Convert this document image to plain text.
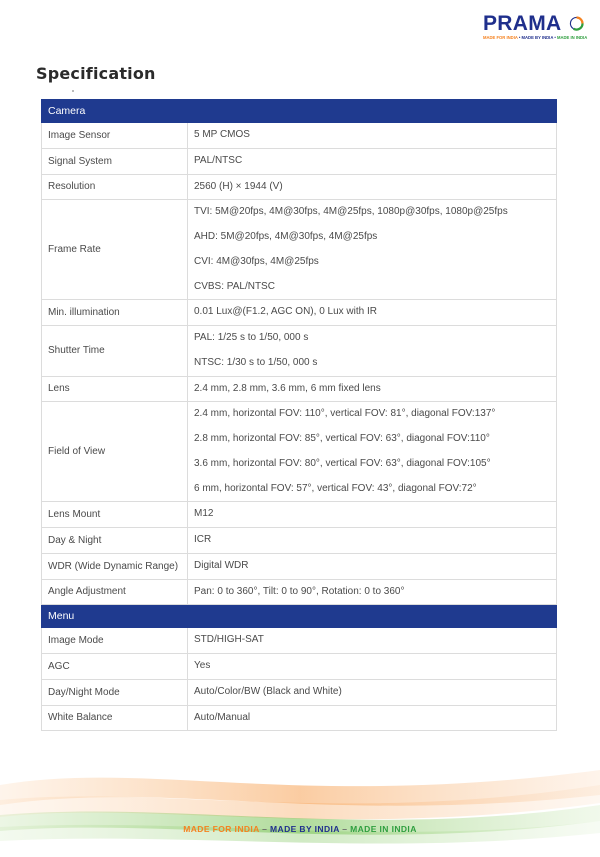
PRAMA
MADE FOR INDIA • MADE BY INDIA • MADE IN INDIA
Specification
Camera	
Image Sensor	5 MP CMOS

Signal System	PAL/NTSC

Resolution	2560 (H) × 1944 (V)

Frame Rate	TVI: 5M@20fps, 4M@30fps, 4M@25fps, 1080p@30fps, 1080p@25fps
AHD: 5M@20fps, 4M@30fps, 4M@25fps
CVI: 4M@30fps, 4M@25fps
CVBS: PAL/NTSC

Min. illumination	0.01 Lux@(F1.2, AGC ON), 0 Lux with IR

Shutter Time	PAL: 1/25 s to 1/50, 000 s
NTSC: 1/30 s to 1/50, 000 s

Lens	2.4 mm, 2.8 mm, 3.6 mm, 6 mm fixed lens

Field of View	2.4 mm, horizontal FOV: 110°, vertical FOV: 81°, diagonal FOV:137°
2.8 mm, horizontal FOV: 85°, vertical FOV: 63°, diagonal FOV:110°
3.6 mm, horizontal FOV: 80°, vertical FOV: 63°, diagonal FOV:105°
6 mm, horizontal FOV: 57°, vertical FOV: 43°, diagonal FOV:72°

Lens Mount	M12

Day & Night	ICR

WDR (Wide Dynamic Range)	Digital WDR

Angle Adjustment	Pan: 0 to 360°, Tilt: 0 to 90°, Rotation: 0 to 360°

Menu	
Image Mode	STD/HIGH-SAT

AGC	Yes

Day/Night Mode	Auto/Color/BW (Black and White)

White Balance	Auto/Manual
MADE FOR INDIA – MADE BY INDIA – MADE IN INDIA
